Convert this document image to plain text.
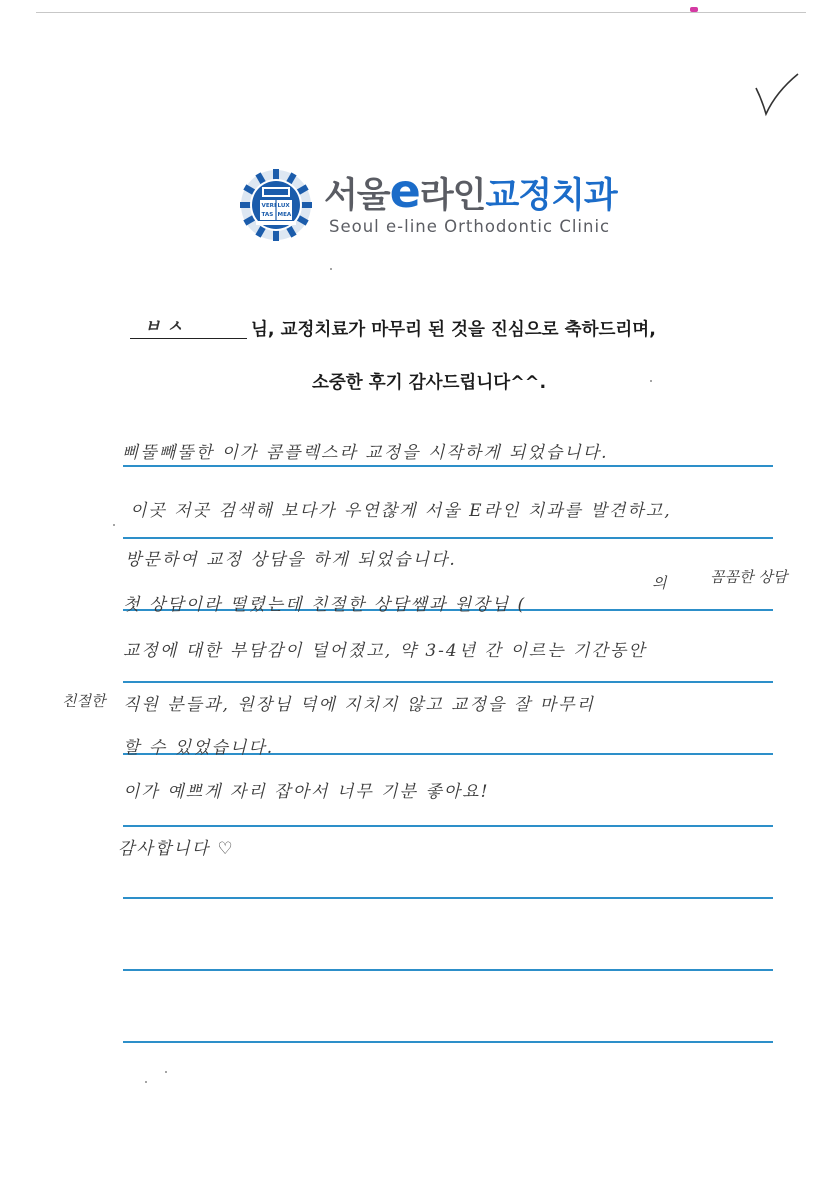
VERI LUX
TAS MEA 서울e라인교정치과
Seoul e-line Orthodontic Clinic
ㅂ ㅅ	님, 교정치료가 마무리 된 것을 진심으로 축하드리며,
소중한 후기 감사드립니다^^.
삐뚤빼뚤한 이가 콤플렉스라 교정을 시작하게 되었습니다.
이곳 저곳 검색해 보다가 우연찮게 서울 E라인 치과를 발견하고,
방문하여 교정 상담을 하게 되었습니다.
첫 상담이라 떨렸는데 친절한 상담쌤과 원장님 (
의	꼼꼼한 상담
교정에 대한 부담감이 덜어졌고, 약 3-4년 간 이르는 기간동안
친절한 직원 분들과, 원장님 덕에 지치지 않고 교정을 잘 마무리
할 수 있었습니다.
이가 예쁘게 자리 잡아서 너무 기분 좋아요!
감사합니다 ♡
